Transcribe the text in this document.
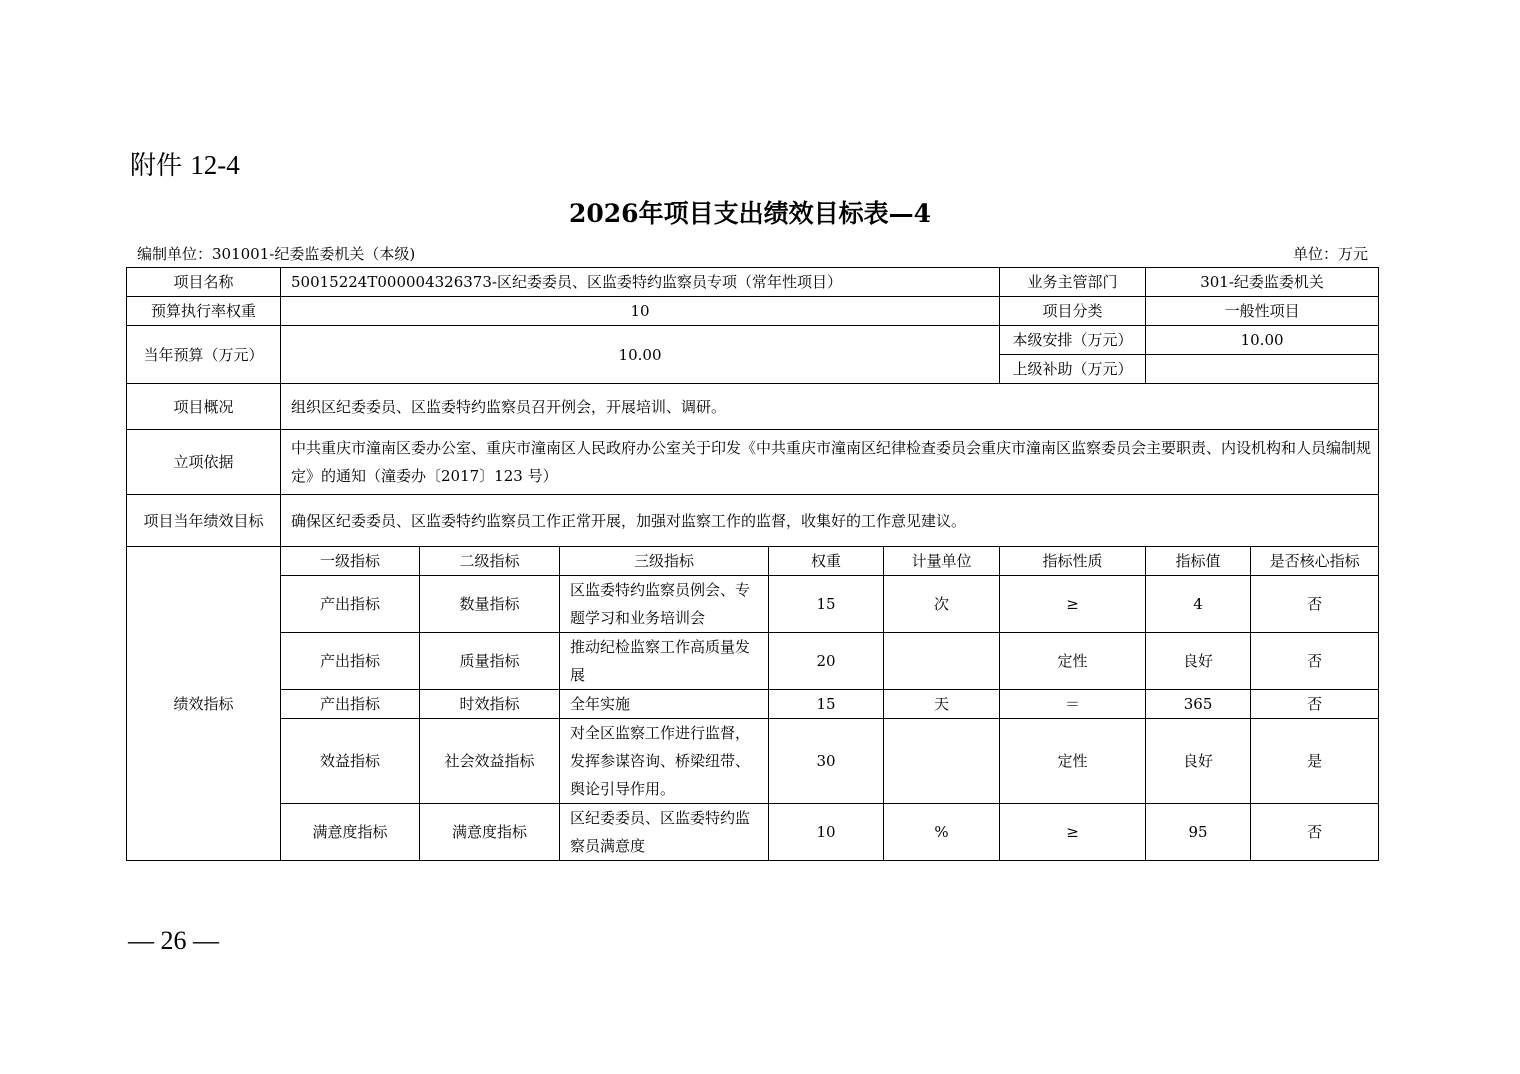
附件 12-4
2026年项目支出绩效目标表—4
编制单位：301001-纪委监委机关（本级)	单位：万元
项目名称	50015224T000004326373-区纪委委员、区监委特约监察员专项（常年性项目）					业务主管部门	301-纪委监委机关	
预算执行率权重	10					项目分类	一般性项目	
当年预算（万元）	10.00					本级安排（万元）	10.00	
						上级补助（万元）		
项目概况	组织区纪委委员、区监委特约监察员召开例会，开展培训、调研。							
立项依据	中共重庆市潼南区委办公室、重庆市潼南区人民政府办公室关于印发《中共重庆市潼南区纪律检查委员会重庆市潼南区监察委员会主要职责、内设机构和人员编制规定》的通知（潼委办〔2017〕123 号）							
项目当年绩效目标	确保区纪委委员、区监委特约监察员工作正常开展，加强对监察工作的监督，收集好的工作意见建议。							
绩效指标	一级指标	二级指标	三级指标	权重	计量单位	指标性质	指标值	是否核心指标
	产出指标	数量指标	区监委特约监察员例会、专题学习和业务培训会	15	次	≥	4	否
	产出指标	质量指标	推动纪检监察工作高质量发展	20		定性	良好	否
	产出指标	时效指标	全年实施	15	天	＝	365	否
	效益指标	社会效益指标	对全区监察工作进行监督，发挥参谋咨询、桥梁纽带、舆论引导作用。	30		定性	良好	是
	满意度指标	满意度指标	区纪委委员、区监委特约监察员满意度	10	%	≥	95	否
— 26 —
